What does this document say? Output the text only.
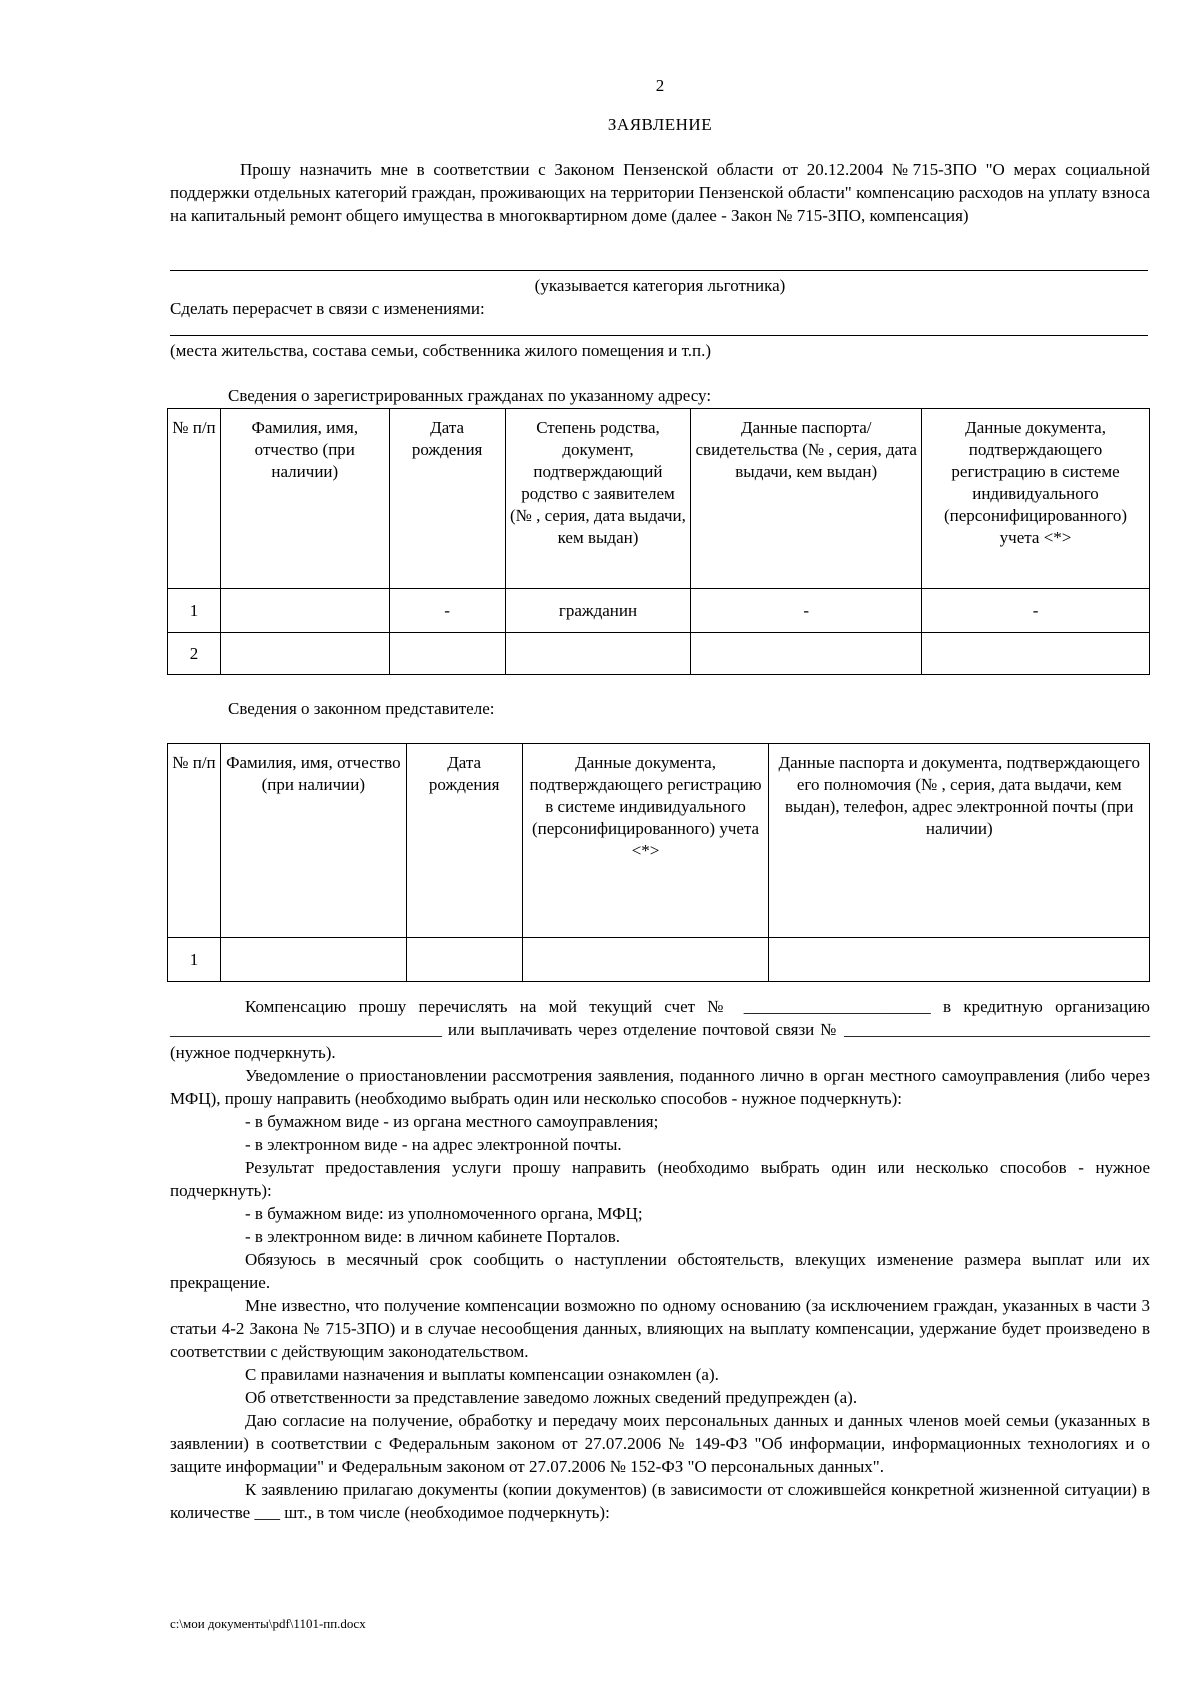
2
ЗАЯВЛЕНИЕ
Прошу назначить мне в соответствии с Законом Пензенской области от 20.12.2004 №715-ЗПО "О мерах социальной поддержки отдельных категорий граждан, проживающих на территории Пензенской области" компенсацию расходов на уплату взноса на капитальный ремонт общего имущества в многоквартирном доме (далее - Закон № 715-ЗПО, компенсация)
(указывается категория льготника)
Сделать перерасчет в связи с изменениями:
(места жительства, состава семьи, собственника жилого помещения и т.п.)
Сведения о зарегистрированных гражданах по указанному адресу:
№ п/п	Фамилия, имя, отчество (при наличии)	Дата рождения	Степень родства, документ, подтверждающий родство с заявителем (№ , серия, дата выдачи, кем выдан)	Данные паспорта/свидетельства (№ , серия, дата выдачи, кем выдан)	Данные документа, подтверждающего регистрацию в системе индивидуального (персонифицированного) учета <*>
1		-	гражданин	-	-
2					
Сведения о законном представителе:
№ п/п	Фамилия, имя, отчество (при наличии)	Дата рождения	Данные документа, подтверждающего регистрацию в системе индивидуального (персонифицированного) учета <*>	Данные паспорта и документа, подтверждающего его полномочия (№ , серия, дата выдачи, кем выдан), телефон, адрес электронной почты (при наличии)
1				

Компенсацию прошу перечислять на мой текущий счет № ______________________ в кредитную организацию ________________________________ или выплачивать через отделение почтовой связи № ____________________________________ (нужное подчеркнуть).

Уведомление о приостановлении рассмотрения заявления, поданного лично в орган местного самоуправления (либо через МФЦ), прошу направить (необходимо выбрать один или несколько способов - нужное подчеркнуть):

- в бумажном виде - из органа местного самоуправления;

- в электронном виде - на адрес электронной почты.

Результат предоставления услуги прошу направить (необходимо выбрать один или несколько способов - нужное подчеркнуть):

- в бумажном виде: из уполномоченного органа, МФЦ;

- в электронном виде: в личном кабинете Порталов.

Обязуюсь в месячный срок сообщить о наступлении обстоятельств, влекущих изменение размера выплат или их прекращение.

Мне известно, что получение компенсации возможно по одному основанию (за исключением граждан, указанных в части 3 статьи 4-2 Закона № 715-ЗПО) и в случае несообщения данных, влияющих на выплату компенсации, удержание будет произведено в соответствии с действующим законодательством.

С правилами назначения и выплаты компенсации ознакомлен (а).

Об ответственности за представление заведомо ложных сведений предупрежден (а).

Даю согласие на получение, обработку и передачу моих персональных данных и данных членов моей семьи (указанных в заявлении) в соответствии с Федеральным законом от 27.07.2006 № 149-ФЗ "Об информации, информационных технологиях и о защите информации" и Федеральным законом от 27.07.2006 № 152-ФЗ "О персональных данных".

К заявлению прилагаю документы (копии документов) (в зависимости от сложившейся конкретной жизненной ситуации) в количестве ___ шт., в том числе (необходимое подчеркнуть):

c:\мои документы\pdf\1101-пп.docx
